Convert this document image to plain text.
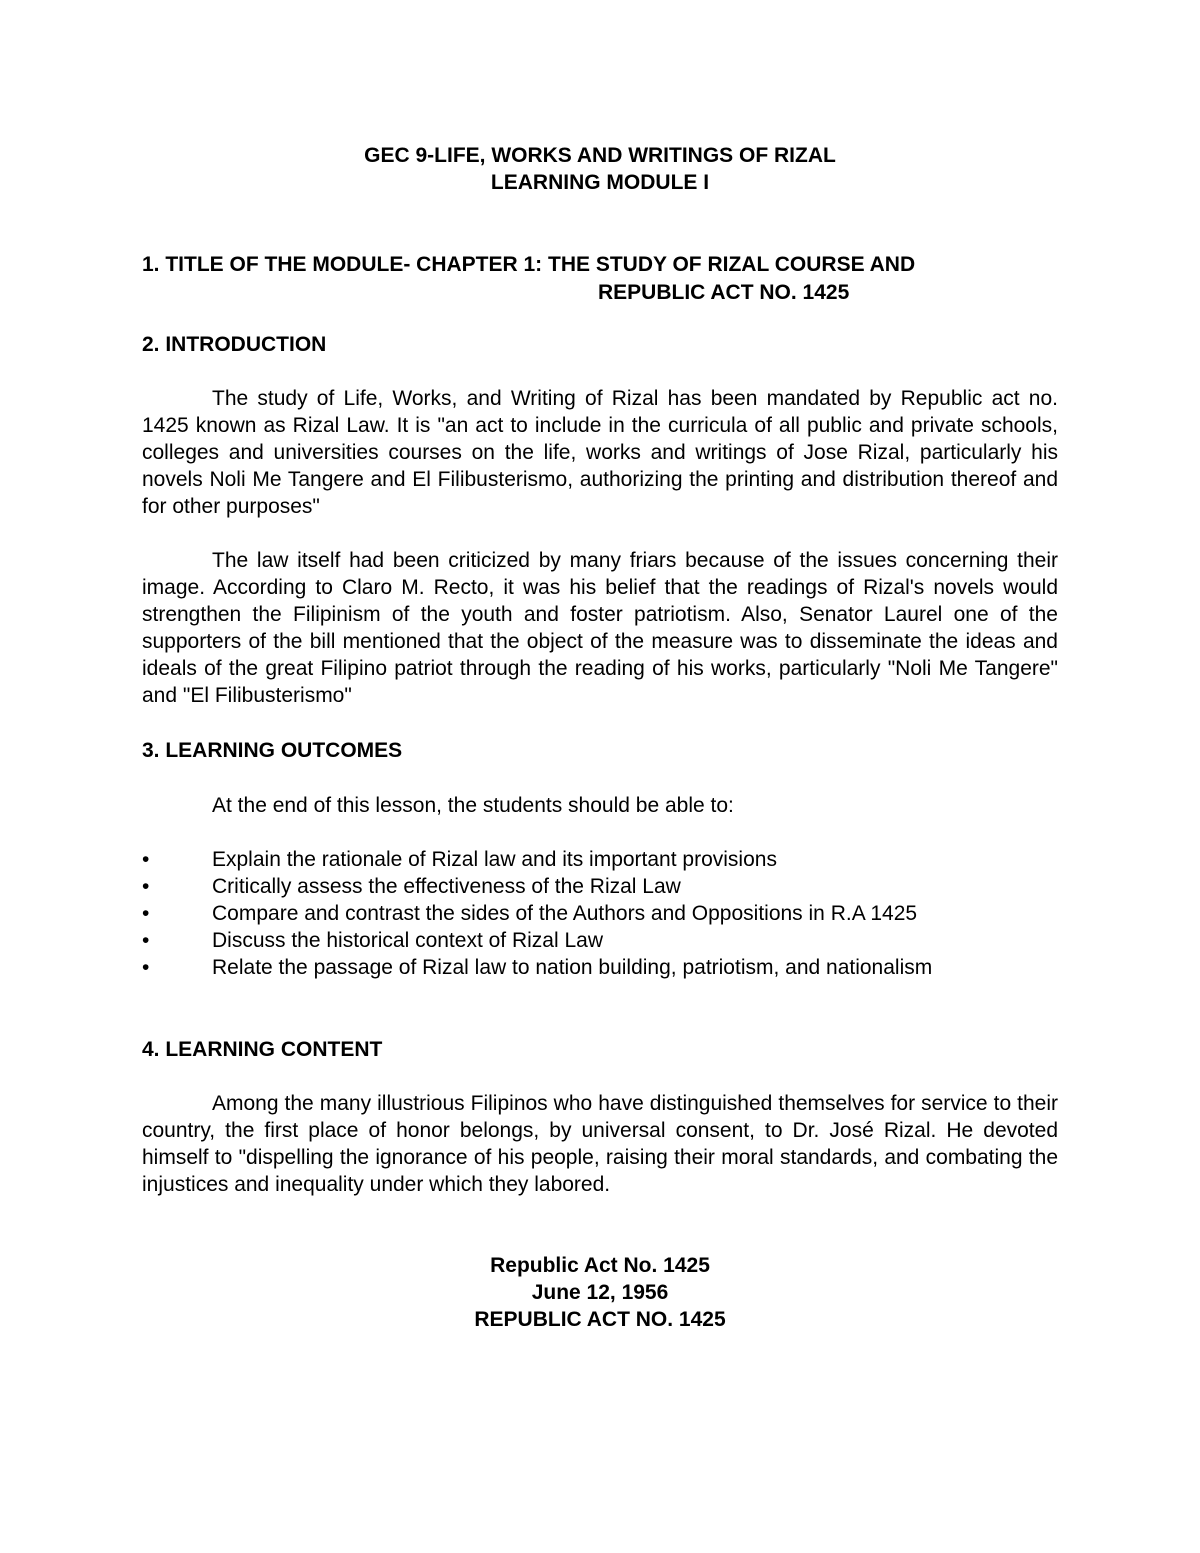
GEC 9-LIFE, WORKS AND WRITINGS OF RIZAL
LEARNING MODULE I
1. TITLE OF THE MODULE- CHAPTER 1: THE STUDY OF RIZAL COURSE AND
REPUBLIC ACT NO. 1425
2. INTRODUCTION
The study of Life, Works, and Writing of Rizal has been mandated by Republic act no. 1425 known as Rizal Law. It is "an act to include in the curricula of all public and private schools, colleges and universities courses on the life, works and writings of Jose Rizal, particularly his novels Noli Me Tangere and El Filibusterismo, authorizing the printing and distribution thereof and for other purposes"
The law itself had been criticized by many friars because of the issues concerning their image. According to Claro M. Recto, it was his belief that the readings of Rizal's novels would strengthen the Filipinism of the youth and foster patriotism. Also, Senator Laurel one of the supporters of the bill mentioned that the object of the measure was to disseminate the ideas and ideals of the great Filipino patriot through the reading of his works, particularly "Noli Me Tangere" and "El Filibusterismo"
3. LEARNING OUTCOMES
At the end of this lesson, the students should be able to:
•	Explain the rationale of Rizal law and its important provisions
•	Critically assess the effectiveness of the Rizal Law
•	Compare and contrast the sides of the Authors and Oppositions in R.A 1425
•	Discuss the historical context of Rizal Law
•	Relate the passage of Rizal law to nation building, patriotism, and nationalism
4. LEARNING CONTENT
Among the many illustrious Filipinos who have distinguished themselves for service to their country, the first place of honor belongs, by universal consent, to Dr. José Rizal. He devoted himself to "dispelling the ignorance of his people, raising their moral standards, and combating the injustices and inequality under which they labored.
Republic Act No. 1425
June 12, 1956
REPUBLIC ACT NO. 1425
